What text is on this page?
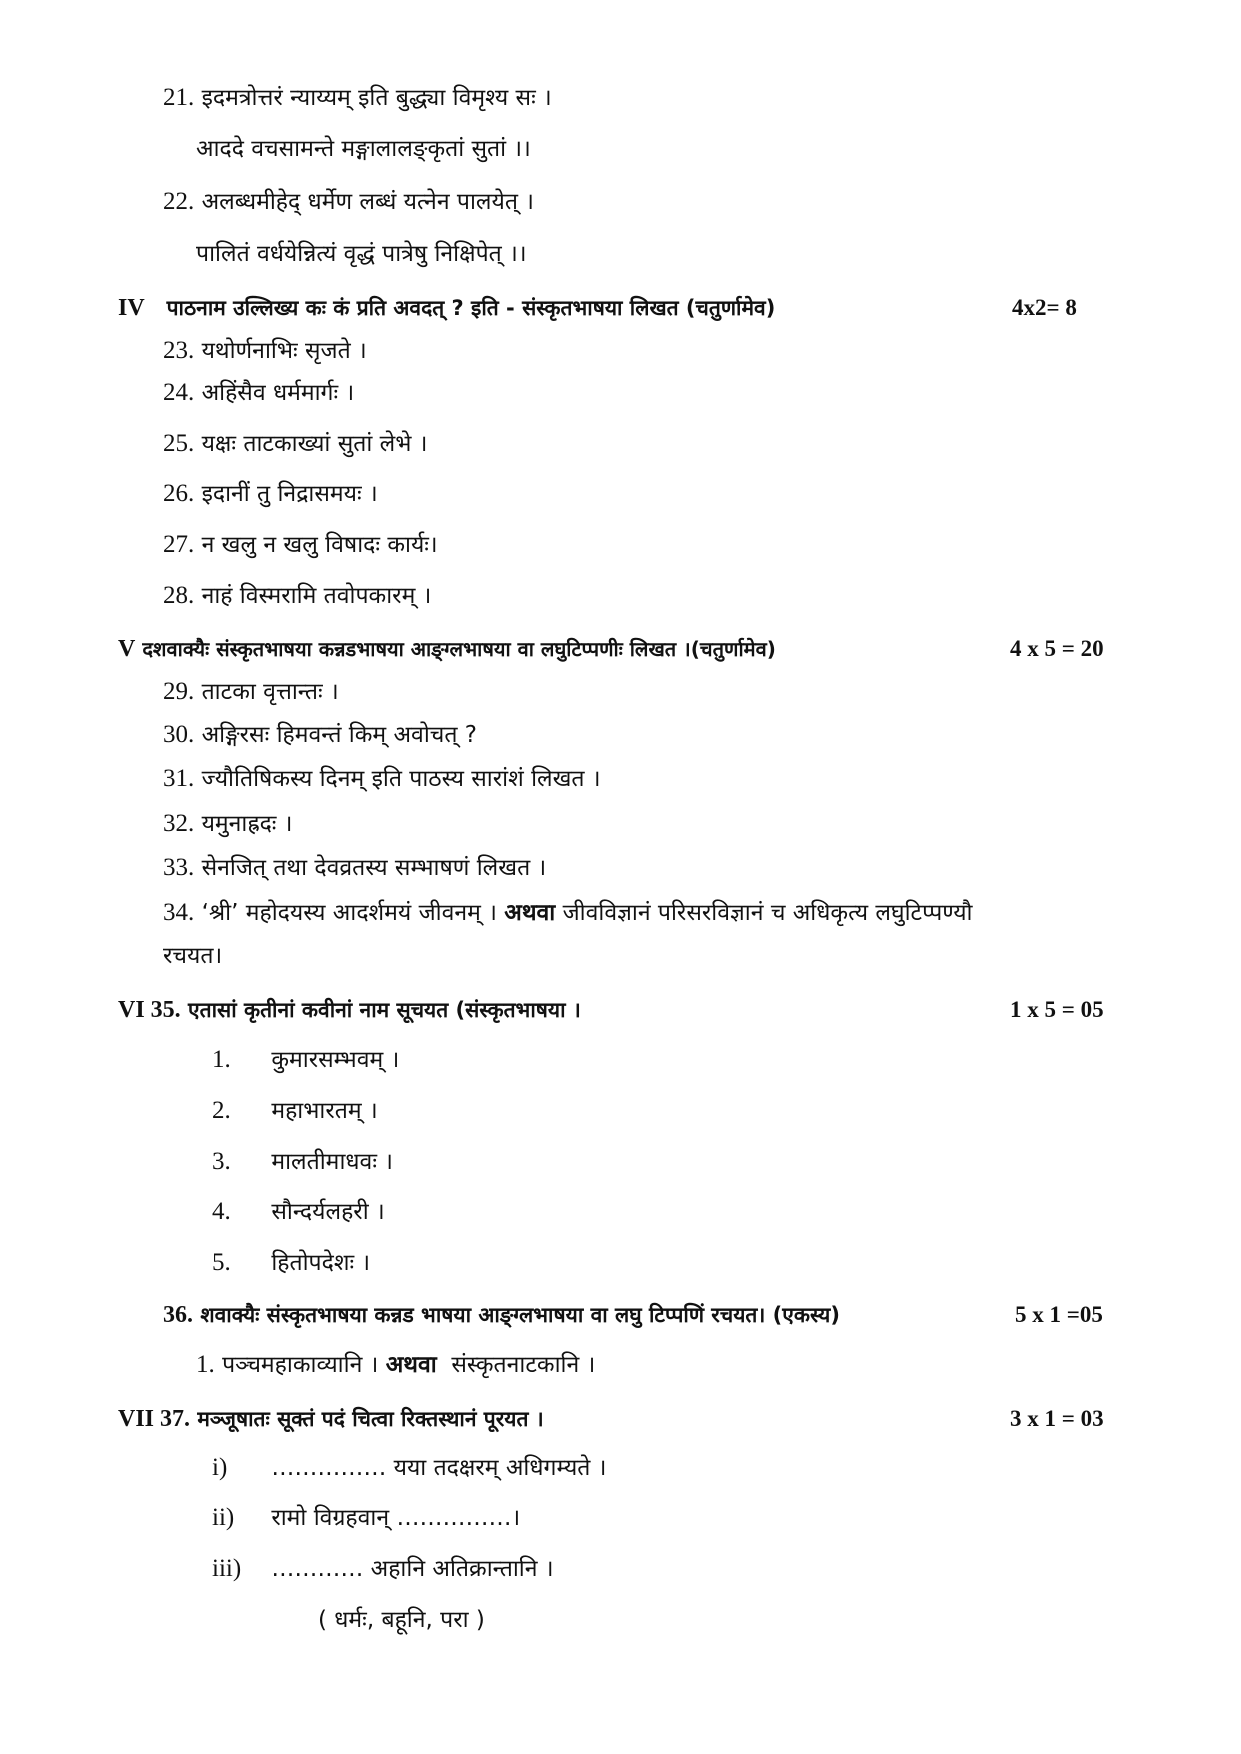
21. इदमत्रोत्तरं न्याय्यम् इति बुद्ध्या विमृश्य सः ।
आददे वचसामन्ते मङ्गालालङ्कृतां सुतां ।।
22. अलब्धमीहेद् धर्मेण लब्धं यत्नेन पालयेत् ।
पालितं वर्धयेन्नित्यं वृद्धं पात्रेषु निक्षिपेत् ।।
IV पाठनाम उल्लिख्य कः कं प्रति अवदत् ? इति - संस्कृतभाषया लिखत (चतुर्णामेव)	4x2= 8
23. यथोर्णनाभिः सृजते ।
24. अहिंसैव धर्ममार्गः ।
25. यक्षः ताटकाख्यां सुतां लेभे ।
26. इदानीं तु निद्रासमयः ।
27. न खलु न खलु विषादः कार्यः।
28. नाहं विस्मरामि तवोपकारम् ।
V दशवाक्यैः संस्कृतभाषया कन्नडभाषया आङ्ग्लभाषया वा लघुटिप्पणीः लिखत ।(चतुर्णामेव)	4 x 5 = 20
29. ताटका वृत्तान्तः ।
30. अङ्गिरसः हिमवन्तं किम् अवोचत् ?
31. ज्यौतिषिकस्य दिनम् इति पाठस्य सारांशं लिखत ।
32. यमुनाह्रदः ।
33. सेनजित् तथा देवव्रतस्य सम्भाषणं लिखत ।
34. ‘श्री’ महोदयस्य आदर्शमयं जीवनम् । अथवा जीवविज्ञानं परिसरविज्ञानं च अधिकृत्य लघुटिप्पण्यौ
रचयत।
VI 35. एतासां कृतीनां कवीनां नाम सूचयत (संस्कृतभाषया ।	1 x 5 = 05
1. कुमारसम्भवम् ।
2. महाभारतम् ।
3. मालतीमाधवः ।
4. सौन्दर्यलहरी ।
5. हितोपदेशः ।
36. शवाक्यैः संस्कृतभाषया कन्नड भाषया आङ्ग्लभाषया वा लघु टिप्पणिं रचयत। (एकस्य)	5 x 1 =05
1. पञ्चमहाकाव्यानि । अथवा संस्कृतनाटकानि ।
VII 37. मञ्जूषातः सूक्तं पदं चित्वा रिक्तस्थानं पूरयत ।	3 x 1 = 03
i) …………… यया तदक्षरम् अधिगम्यते ।
ii) रामो विग्रहवान् ……………।
iii) ………… अहानि अतिक्रान्तानि ।
( धर्मः, बहूनि, परा )
